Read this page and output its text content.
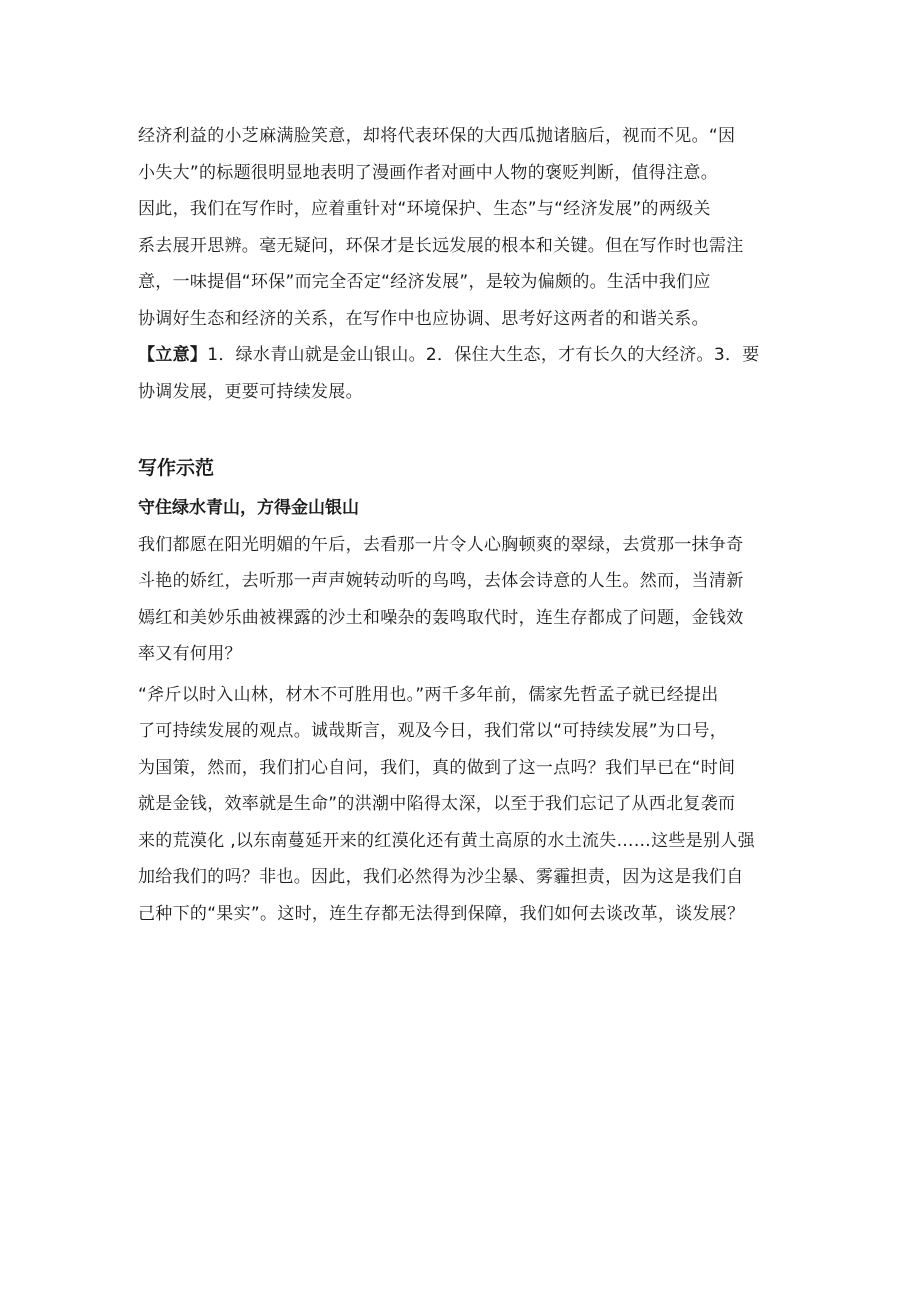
经济利益的小芝麻满脸笑意，却将代表环保的大西瓜抛诸脑后，视而不见。“因
小失大”的标题很明显地表明了漫画作者对画中人物的褒贬判断，值得注意。
因此，我们在写作时，应着重针对“环境保护、生态”与“经济发展”的两级关
系去展开思辨。毫无疑问，环保才是长远发展的根本和关键。但在写作时也需注
意，一味提倡“环保”而完全否定“经济发展”，是较为偏颇的。生活中我们应
协调好生态和经济的关系，在写作中也应协调、思考好这两者的和谐关系。
【立意】1．绿水青山就是金山银山。2．保住大生态，才有长久的大经济。3．要
协调发展，更要可持续发展。
写作示范
守住绿水青山，方得金山银山
我们都愿在阳光明媚的午后，去看那一片令人心胸顿爽的翠绿，去赏那一抹争奇
斗艳的娇红，去听那一声声婉转动听的鸟鸣，去体会诗意的人生。然而，当清新
嫣红和美妙乐曲被裸露的沙土和噪杂的轰鸣取代时，连生存都成了问题，金钱效
率又有何用？
“斧斤以时入山林，材木不可胜用也。”两千多年前，儒家先哲孟子就已经提出
了可持续发展的观点。诚哉斯言，观及今日，我们常以“可持续发展”为口号，
为国策，然而，我们扪心自问，我们，真的做到了这一点吗？我们早已在“时间
就是金钱，效率就是生命”的洪潮中陷得太深，以至于我们忘记了从西北复袭而
来的荒漠化 ,以东南蔓延开来的红漠化还有黄土高原的水土流失……这些是别人强
加给我们的吗？非也。因此，我们必然得为沙尘暴、雾霾担责，因为这是我们自
己种下的“果实”。这时，连生存都无法得到保障，我们如何去谈改革，谈发展？
